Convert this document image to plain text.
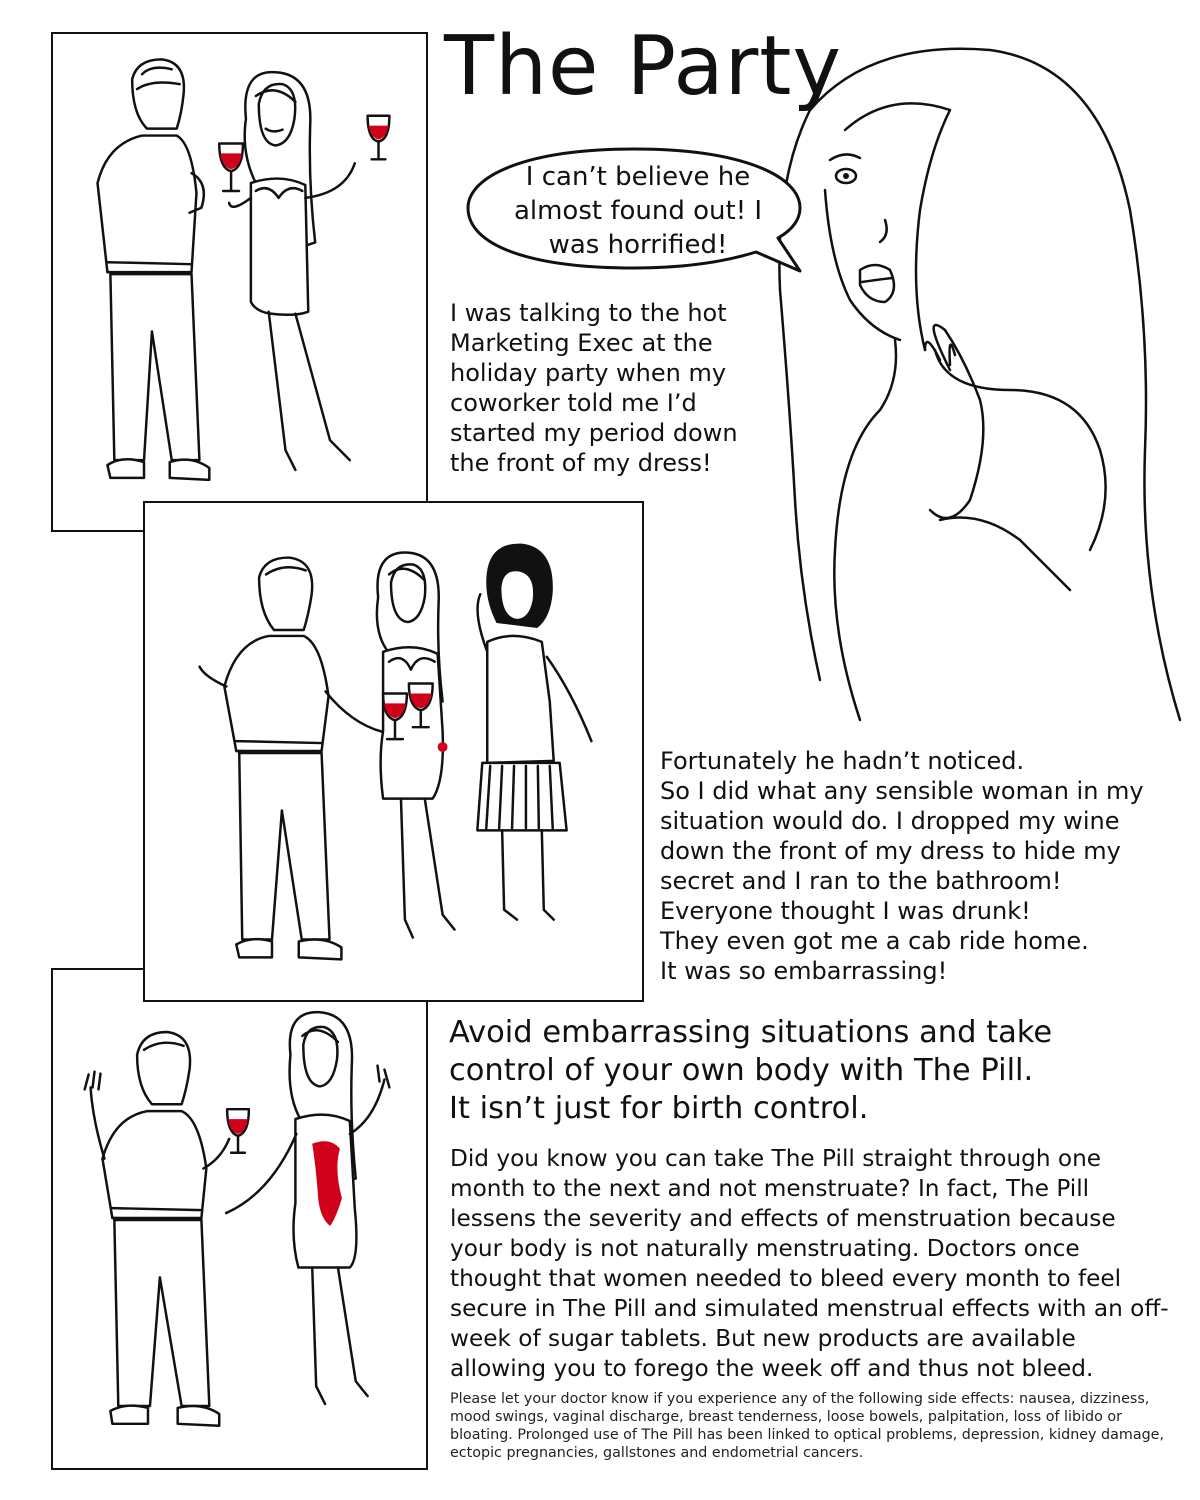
The Party
I can’t believe he almost found out! I was horrified!
I was talking to the hot
Marketing Exec at the
holiday party when my
coworker told me I’d
started my period down
the front of my dress!
Fortunately he hadn’t noticed.
So I did what any sensible woman in my
situation would do. I dropped my wine
down the front of my dress to hide my
secret and I ran to the bathroom!
Everyone thought I was drunk!
They even got me a cab ride home.
It was so embarrassing!
Avoid embarrassing situations and take
control of your own body with The Pill.
It isn’t just for birth control.
Did you know you can take The Pill straight through one month to the next and not menstruate? In fact, The Pill lessens the severity and effects of menstruation because your body is not naturally menstruating. Doctors once thought that women needed to bleed every month to feel secure in The Pill and simulated menstrual effects with an off-week of sugar tablets. But new products are available allowing you to forego the week off and thus not bleed.
Please let your doctor know if you experience any of the following side effects: nausea, dizziness, mood swings, vaginal discharge, breast tenderness, loose bowels, palpitation, loss of libido or bloating. Prolonged use of The Pill has been linked to optical problems, depression, kidney damage, ectopic pregnancies, gallstones and endometrial cancers.
